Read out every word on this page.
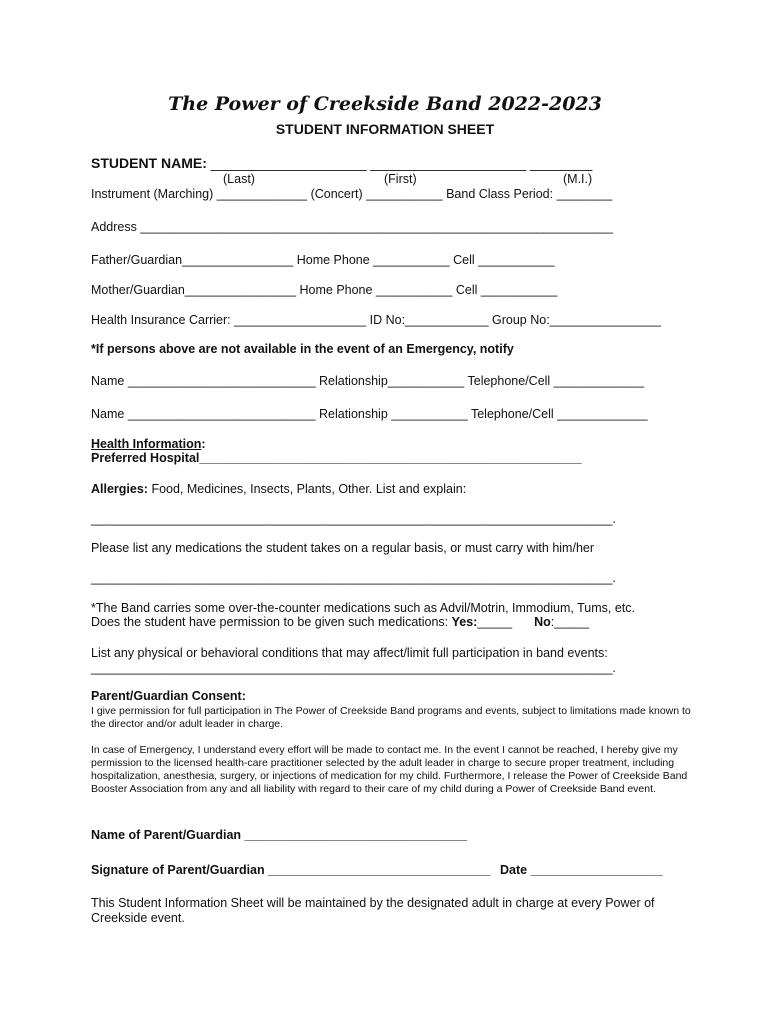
The Power of Creekside Band 2022-2023
STUDENT INFORMATION SHEET
STUDENT NAME: ____________________ ____________________ ________
(Last)	(First)	(M.I.)
Instrument (Marching) _____________ (Concert) ___________ Band Class Period: ________
Address ____________________________________________________________________
Father/Guardian________________ Home Phone ___________ Cell ___________
Mother/Guardian________________ Home Phone ___________ Cell ___________
Health Insurance Carrier: ___________________ ID No:____________ Group No:________________
*If persons above are not available in the event of an Emergency, notify
Name ___________________________ Relationship___________ Telephone/Cell _____________
Name ___________________________ Relationship ___________ Telephone/Cell _____________
Health Information:
Preferred Hospital_______________________________________________________
Allergies: Food, Medicines, Insects, Plants, Other. List and explain:
___________________________________________________________________________.
Please list any medications the student takes on a regular basis, or must carry with him/her
___________________________________________________________________________.
*The Band carries some over-the-counter medications such as Advil/Motrin, Immodium, Tums, etc.
Does the student have permission to be given such medications: Yes:_____ No:_____
List any physical or behavioral conditions that may affect/limit full participation in band events:
___________________________________________________________________________.
Parent/Guardian Consent:
I give permission for full participation in The Power of Creekside Band programs and events, subject to limitations made known to the director and/or adult leader in charge.
In case of Emergency, I understand every effort will be made to contact me. In the event I cannot be reached, I hereby give my permission to the licensed health-care practitioner selected by the adult leader in charge to secure proper treatment, including hospitalization, anesthesia, surgery, or injections of medication for my child. Furthermore, I release the Power of Creekside Band Booster Association from any and all liability with regard to their care of my child during a Power of Creekside Band event.
Name of Parent/Guardian ________________________________
Signature of Parent/Guardian ________________________________ Date ___________________
This Student Information Sheet will be maintained by the designated adult in charge at every Power of Creekside event.
